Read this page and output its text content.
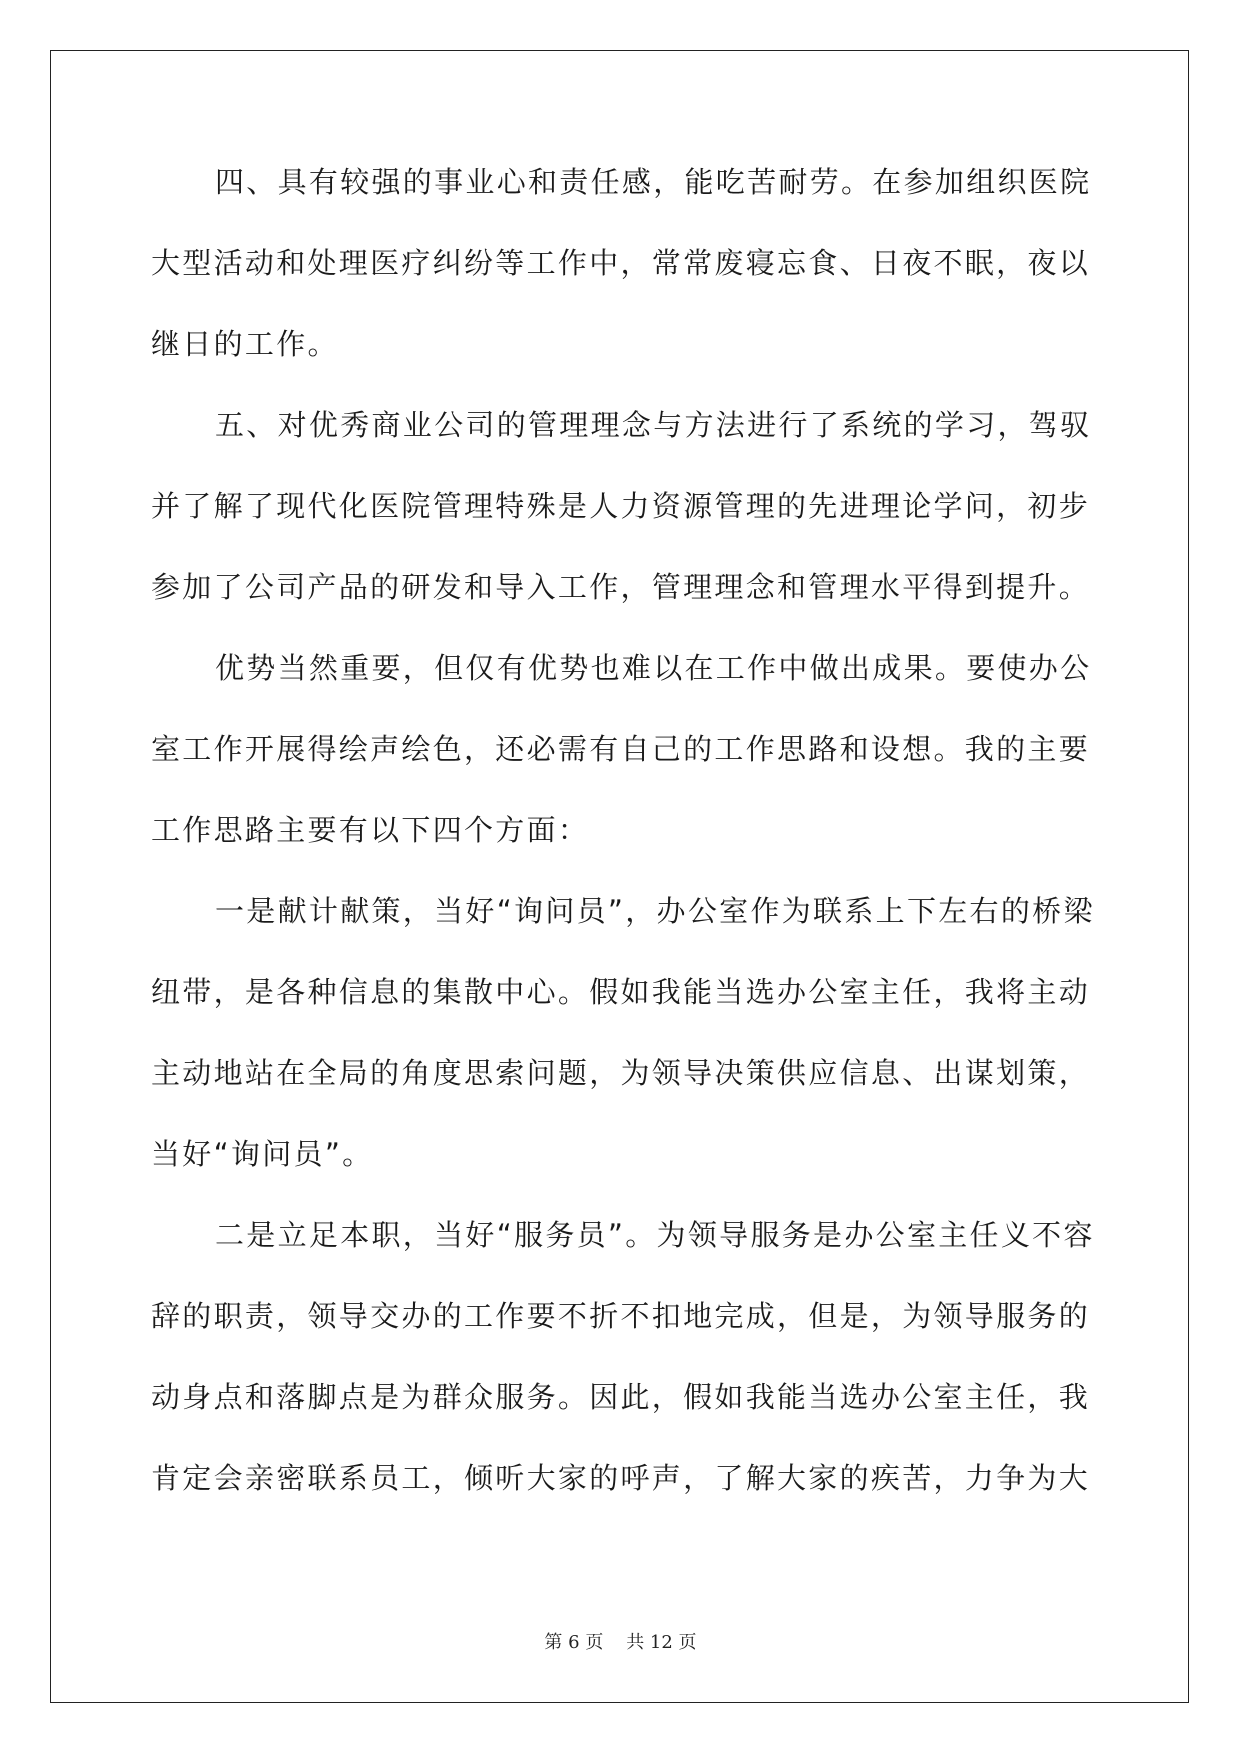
四、具有较强的事业心和责任感，能吃苦耐劳。在参加组织医院
大型活动和处理医疗纠纷等工作中，常常废寝忘食、日夜不眠，夜以
继日的工作。
五、对优秀商业公司的管理理念与方法进行了系统的学习，驾驭
并了解了现代化医院管理特殊是人力资源管理的先进理论学问，初步
参加了公司产品的研发和导入工作，管理理念和管理水平得到提升。
优势当然重要，但仅有优势也难以在工作中做出成果。要使办公
室工作开展得绘声绘色，还必需有自己的工作思路和设想。我的主要
工作思路主要有以下四个方面：
一是献计献策，当好“询问员”，办公室作为联系上下左右的桥梁
纽带，是各种信息的集散中心。假如我能当选办公室主任，我将主动
主动地站在全局的角度思索问题，为领导决策供应信息、出谋划策，
当好“询问员”。
二是立足本职，当好“服务员”。为领导服务是办公室主任义不容
辞的职责，领导交办的工作要不折不扣地完成，但是，为领导服务的
动身点和落脚点是为群众服务。因此，假如我能当选办公室主任，我
肯定会亲密联系员工，倾听大家的呼声，了解大家的疾苦，力争为大
第 6 页    共 12 页
